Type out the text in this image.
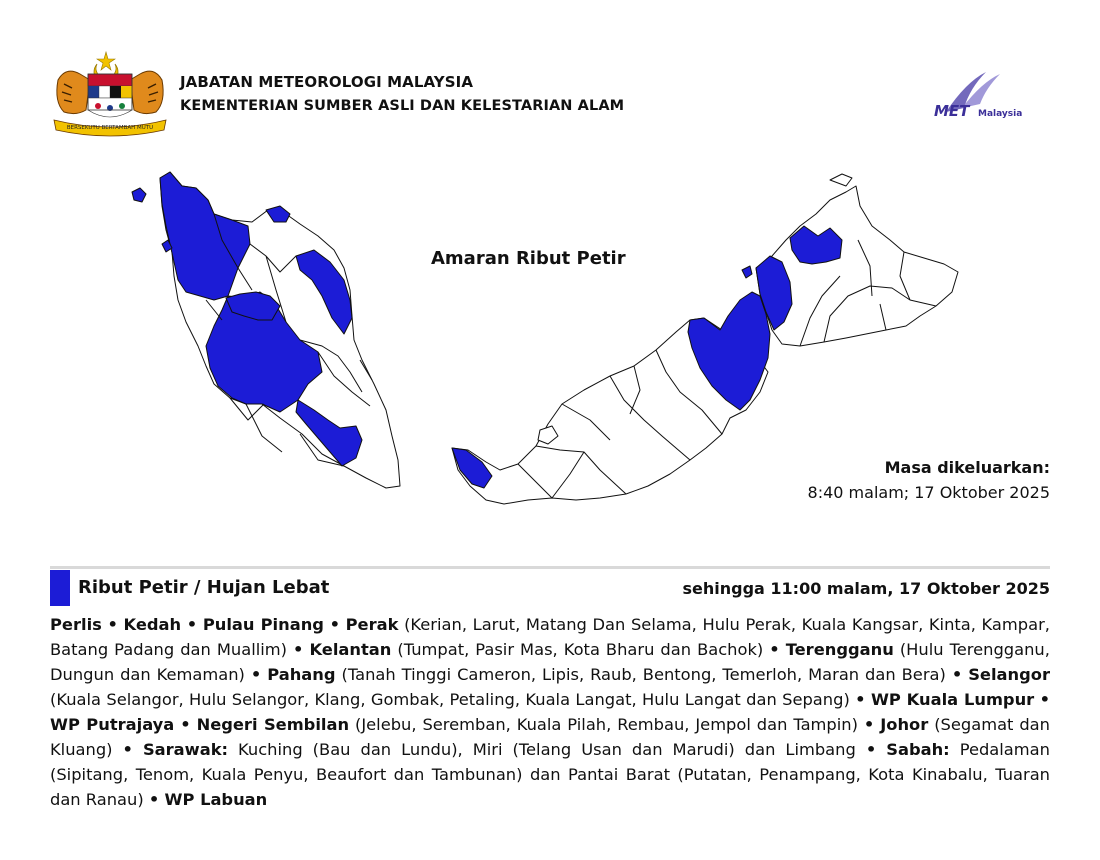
BERSEKUTU BERTAMBAH MUTU
JABATAN METEOROLOGI MALAYSIA
KEMENTERIAN SUMBER ASLI DAN KELESTARIAN ALAM	MET Malaysia
Amaran Ribut Petir
Masa dikeluarkan:
8:40 malam; 17 Oktober 2025
Ribut Petir / Hujan Lebat	sehingga 11:00 malam, 17 Oktober 2025
Perlis • Kedah • Pulau Pinang • Perak (Kerian, Larut, Matang Dan Selama, Hulu Perak, Kuala Kangsar, Kinta, Kampar, Batang Padang dan Muallim) • Kelantan (Tumpat, Pasir Mas, Kota Bharu dan Bachok) • Terengganu (Hulu Terengganu, Dungun dan Kemaman) • Pahang (Tanah Tinggi Cameron, Lipis, Raub, Bentong, Temerloh, Maran dan Bera) • Selangor (Kuala Selangor, Hulu Selangor, Klang, Gombak, Petaling, Kuala Langat, Hulu Langat dan Sepang) • WP Kuala Lumpur • WP Putrajaya • Negeri Sembilan (Jelebu, Seremban, Kuala Pilah, Rembau, Jempol dan Tampin) • Johor (Segamat dan Kluang) • Sarawak: Kuching (Bau dan Lundu), Miri (Telang Usan dan Marudi) dan Limbang • Sabah: Pedalaman (Sipitang, Tenom, Kuala Penyu, Beaufort dan Tambunan) dan Pantai Barat (Putatan, Penampang, Kota Kinabalu, Tuaran dan Ranau) • WP Labuan
